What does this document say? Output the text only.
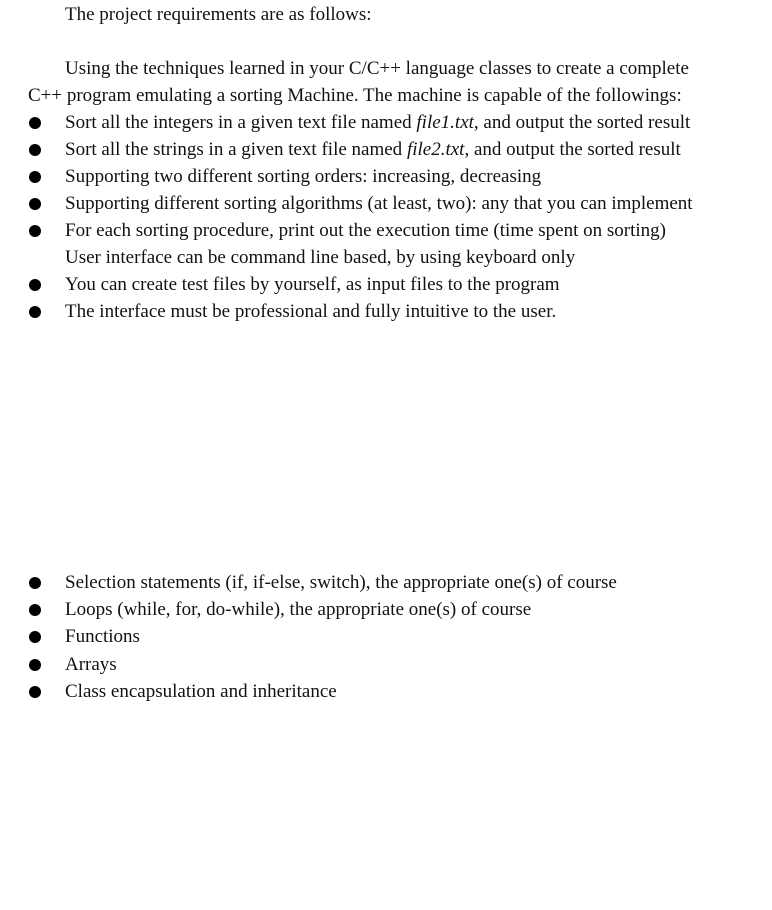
The project requirements are as follows:
Using the techniques learned in your C/C++ language classes to create a complete
C++ program emulating a sorting Machine. The machine is capable of the followings:
Sort all the integers in a given text file named file1.txt, and output the sorted result
Sort all the strings in a given text file named file2.txt, and output the sorted result
Supporting two different sorting orders: increasing, decreasing
Supporting different sorting algorithms (at least, two): any that you can implement
For each sorting procedure, print out the execution time (time spent on sorting)
User interface can be command line based, by using keyboard only
You can create test files by yourself, as input files to the program
The interface must be professional and fully intuitive to the user.
Selection statements (if, if-else, switch), the appropriate one(s) of course
Loops (while, for, do-while), the appropriate one(s) of course
Functions
Arrays
Class encapsulation and inheritance
